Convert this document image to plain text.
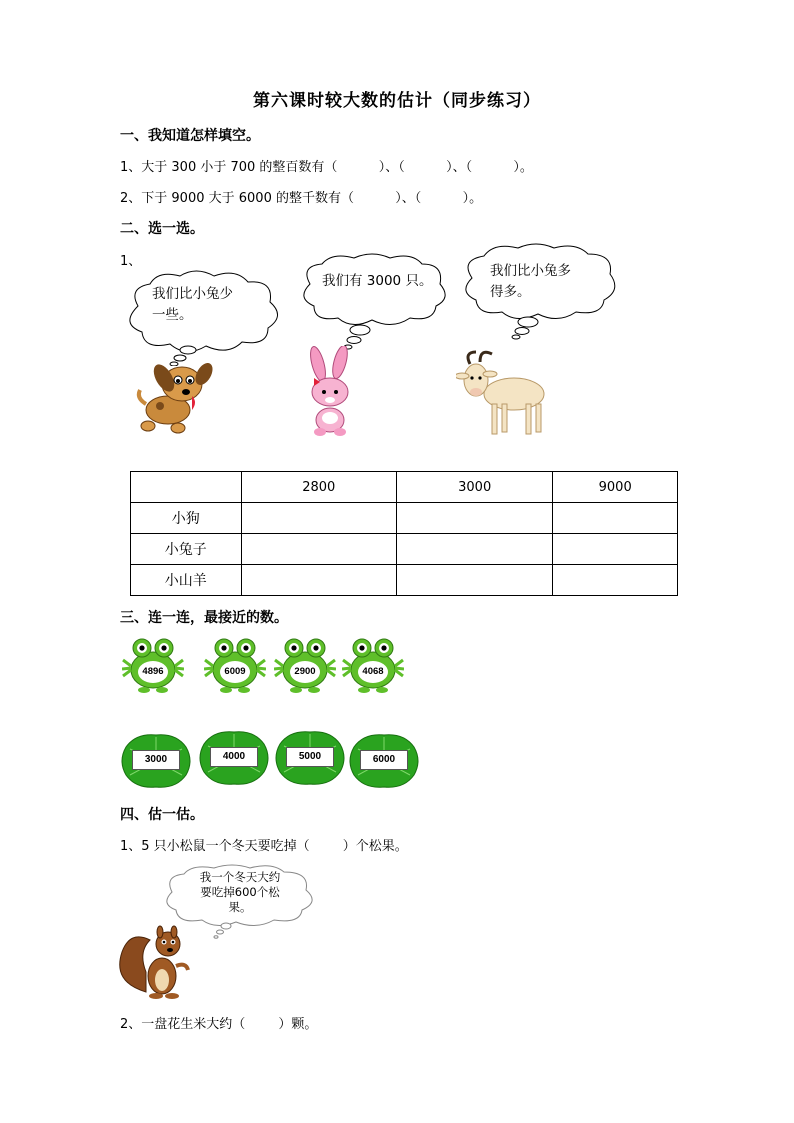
第六课时较大数的估计（同步练习）
一、我知道怎样填空。
1、大于 300 小于 700 的整百数有（          ）、（          ）、（          ）。
2、下于 9000 大于 6000 的整千数有（          ）、（          ）。
二、选一选。
1、
我们比小兔少
一些。
我们有 3000 只。
我们比小兔多
得多。
	2800	3000	9000
小狗			
小兔子			
小山羊			
三、连一连，最接近的数。
4896	6009	2900	4068
3000	4000	5000	6000
四、估一估。
1、5 只小松鼠一个冬天要吃掉（        ）个松果。
我一个冬天大约
要吃掉600个松
果。
2、一盘花生米大约（        ）颗。
